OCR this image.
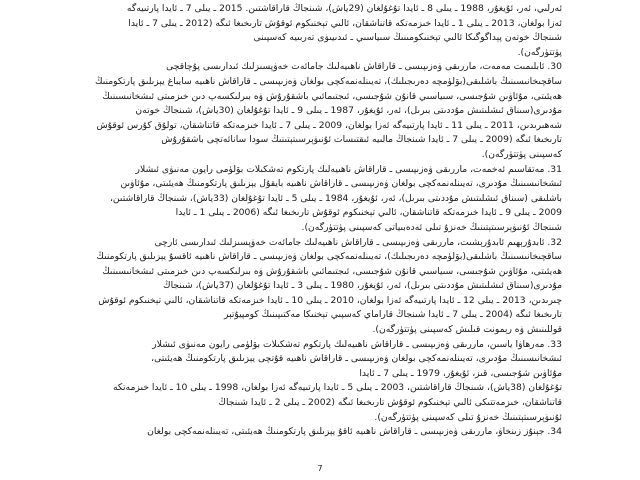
ئەرلىي، ئەر، ئۇيغۇر، 1988 ـ يىلى 8 ـ ئايدا تۇغۇلغان (29ياش)، شىنجاڭ قاراقاشتىن. 2015 ـ يىلى 7 ـ ئايدا پارتىيەگە
ئەزا بولغان، 2013 ـ يىلى 1 ـ ئايدا خىزمەتكە قاتناشقان، ئالىي تېخنىكوم ئوقۇش تارىخىغا ئىگە (2012 ـ يىلى 7 ـ ئايدا
شىنجاڭ خوتەن پېداگوگىكا ئالىي تېخنىكومىنىڭ سىياسىي ـ ئىدىيىۋى تەربىيە كەسپىنى
پۈتتۈرگەن).

30. ئابلىمىت مەمەت، ماررىقى ۋەزىپىسى ـ قاراقاش ناھىيەلىك جامائەت خەۋپسىزلىك ئىدارىسى پۇچاقچى
ساقچىخانىسىنىڭ باشلىقى(بۆلۈمچە دەرىجىلىك)، تەيىنلەنمەكچى بولغان ۋەزىپىسى ـ قاراقاش ناھىيە سايباغ يېزىلىق پارتكومنىڭ
ھەيئىتى، مۇئاۋىن شۇجىسى، سىياسىي قانۇن شۇجىسى، ئىجتىمائىي باشقۇرۇش ۋە بىرلىكسەپ دىن خىزمىتى ئىشخانىسىنىڭ
مۇدىرى(سىناق ئىشلىتىش مۇددىتى بىرىل)، ئەر، ئۇيغۇر، 1987 ـ يىلى 9 ـ ئايدا تۇغۇلغان (30ياش)، شىنجاڭ خوتەن
شەھىرىدىن، 2011 ـ يىلى 11 ـ ئايدا پارتىيەگە ئەزا بولغان، 2009 ـ يىلى 7 ـ ئايدا خىزمەتكە قاتناشقان، تولۇق كۇرس ئوقۇش
تارىخىغا ئىگە (2009 ـ يىلى 7 ـ ئايدا شىنجاڭ مالىيە ئىقتىسات ئۇنىۋېرسىتېتىنىڭ سودا سانائەتچى باشقۇرۇش
كەسپىنى پۈتتۈرگەن).

31. مەتقاسىم ئەخمەت، ماررىقى ۋەزىپىسى ـ قاراقاش ناھىيەلىك پارتكوم تەشكىلات بۆلۈمى رايون مەنىۋى ئىشلار
ئىشخانىسىنىڭ مۇدىرى، تەيىنلەنمەكچى بولغان ۋەزىپىسى ـ قاراقاش ناھىيە بايقۇل يېزىلىق پارتكومنىڭ ھەيئىتى، مۇئاۋىن
باشلىقى (سىناق ئىشلىتىش مۇددىتى بىرىل)، ئەر، ئۇيغۇر، 1984 ـ يىلى 5 ـ ئايدا تۇغۇلغان (33ياش)، شىنجاڭ قاراقاشتىن،
2009 ـ يىلى 9 ـ ئايدا خىزمەتكە قاتناشقان، ئالىي تېخنىكوم ئوقۇش تارىخىغا ئىگە (2006 ـ يىلى 1 ـ ئايدا
شىنجاڭ ئۇنىۋېرسىتېتىنىڭ خەنزۇ تىلى ئەدەبىياتى كەسپىنى پۈتتۈرگەن).

32. ئابدۇرېھىم ئابدۇرېشىت، ماررىقى ۋەزىپىسى ـ قاراقاش ناھىيەلىك جامائەت خەۋپسىزلىك ئىدارىسى ئارچى
ساقچىخانىسىنىڭ باشلىقى(بۆلۈمچە دەرىجىلىك)، تەيىنلەنمەكچى بولغان ۋەزىپىسى ـ قاراقاش ناھىيە ئاقسۇ يېزىلىق پارتكومنىڭ
ھەيئىتى، مۇئاۋىن شۇجىسى، سىياسىي قانۇن شۇجىسى، ئىجتىمائىي باشقۇرۇش ۋە بىرلىكسەپ دىن خىزمىتى ئىشخانىسىنىڭ
مۇدىرى(سىناق ئىشلىتىش مۇددىتى بىرىل)، ئەر، ئۇيغۇر، 1980 ـ يىلى 3 ـ ئايدا تۇغۇلغان (37ياش)، شىنجاڭ
چىرىدىن، 2013 ـ يىلى 12 ـ ئايدا پارتىيەگە ئەزا بولغان، 2010 ـ يىلى 10 ـ ئايدا خىزمەتكە قاتناشقان، ئالىي تېخنىكوم ئوقۇش
تارىخىغا ئىگە (2004 ـ يىلى 7 ـ ئايدا شىنجاڭ قاراماي كەسپىي تېخنىكا مەكتىپىنىڭ كومپيۇتېر
قوللىنىش ۋە رېمونت قىلىش كەسپىنى پۈتتۈرگەن).

33. مەرھاۋا ياسىن، ماررىقى ۋەزىپىسى ـ قاراقاش ناھىيەلىك پارتكوم تەشكىلات بۆلۈمى رايون مەنىۋى ئىشلار
ئىشخانىسىنىڭ مۇدىرى، تەيىنلەنمەكچى بولغان ۋەزىپىسى ـ قاراقاش ناھىيە قۇتچى يېزىلىق پارتكومنىڭ ھەيئىتى،
مۇئاۋىن شۇجىسى، قىز، ئۇيغۇر، 1979 ـ يىلى 7 ـ ئايدا
تۇغۇلغان (38ياش)، شىنجاڭ قاراقاشتىن، 2003 ـ يىلى 5 ـ ئايدا پارتىيەگە ئەزا بولغان، 1998 ـ يىلى 10 ـ ئايدا خىزمەتكە
قاتناشقان، خىزمەتتىكى ئالىي تېخنىكوم ئوقۇش تارىخىغا ئىگە (2002 ـ يىلى 2 ـ ئايدا شىنجاڭ
ئۇنىۋېرسىتېتىنىڭ خەنزۇ تىلى كەسپىنى پۈتتۈرگەن).

34. جېنۇز زىنخاۋ، ماررىقى ۋەزىپىسى ـ قاراقاش ناھىيە ئاقۇ يېزىلىق پارتكومنىڭ ھەيئىتى، تەيىنلەنمەكچى بولغان

7
